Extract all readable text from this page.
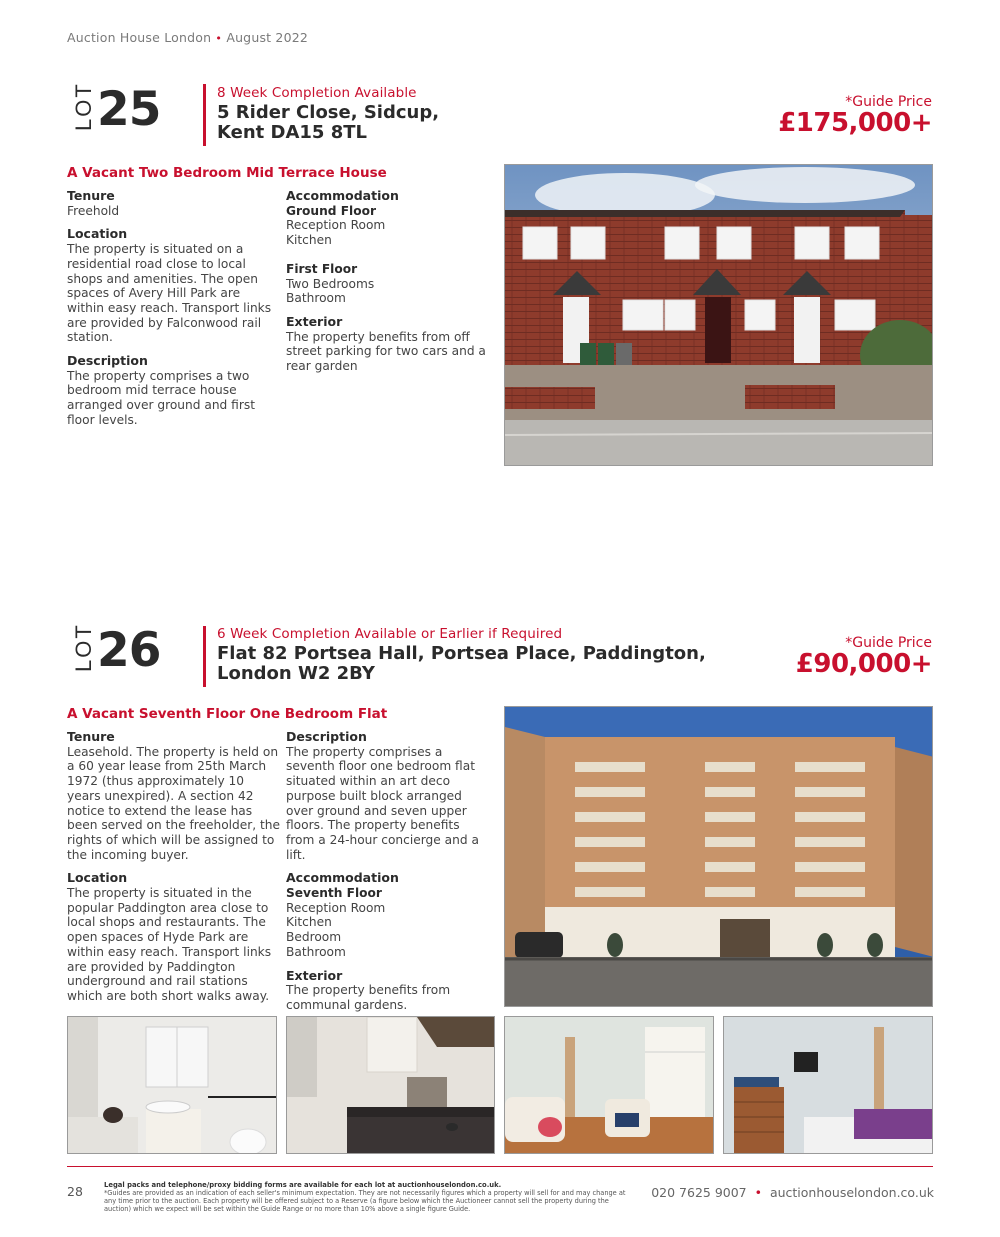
Auction House London • August 2022
LOT 25	8 Week Completion Available
5 Rider Close, Sidcup,
Kent DA15 8TL
*Guide Price
£175,000+
A Vacant Two Bedroom Mid Terrace House
Tenure
Freehold
Location
The property is situated on a residential road close to local shops and amenities. The open spaces of Avery Hill Park are within easy reach. Transport links are provided by Falconwood rail station.
Description
The property comprises a two bedroom mid terrace house arranged over ground and first floor levels.
Accommodation
Ground Floor
Reception Room
Kitchen
First Floor
Two Bedrooms
Bathroom
Exterior
The property benefits from off street parking for two cars and a rear garden
LOT 26	6 Week Completion Available or Earlier if Required
Flat 82 Portsea Hall, Portsea Place, Paddington,
London W2 2BY
*Guide Price
£90,000+
A Vacant Seventh Floor One Bedroom Flat
Tenure
Leasehold. The property is held on a 60 year lease from 25th March 1972 (thus approximately 10 years unexpired). A section 42 notice to extend the lease has been served on the freeholder, the rights of which will be assigned to the incoming buyer.
Location
The property is situated in the popular Paddington area close to local shops and restaurants. The open spaces of Hyde Park are within easy reach. Transport links are provided by Paddington underground and rail stations which are both short walks away.
Description
The property comprises a seventh floor one bedroom flat situated within an art deco purpose built block arranged over ground and seven upper floors. The property benefits from a 24-hour concierge and a lift.
Accommodation
Seventh Floor
Reception Room
Kitchen
Bedroom
Bathroom
Exterior
The property benefits from communal gardens.
28	Legal packs and telephone/proxy bidding forms are available for each lot at auctionhouselondon.co.uk.
*Guides are provided as an indication of each seller's minimum expectation. They are not necessarily figures which a property will sell for and may change at any time prior to the auction. Each property will be offered subject to a Reserve (a figure below which the Auctioneer cannot sell the property during the auction) which we expect will be set within the Guide Range or no more than 10% above a single figure Guide.
020 7625 9007  •  auctionhouselondon.co.uk
